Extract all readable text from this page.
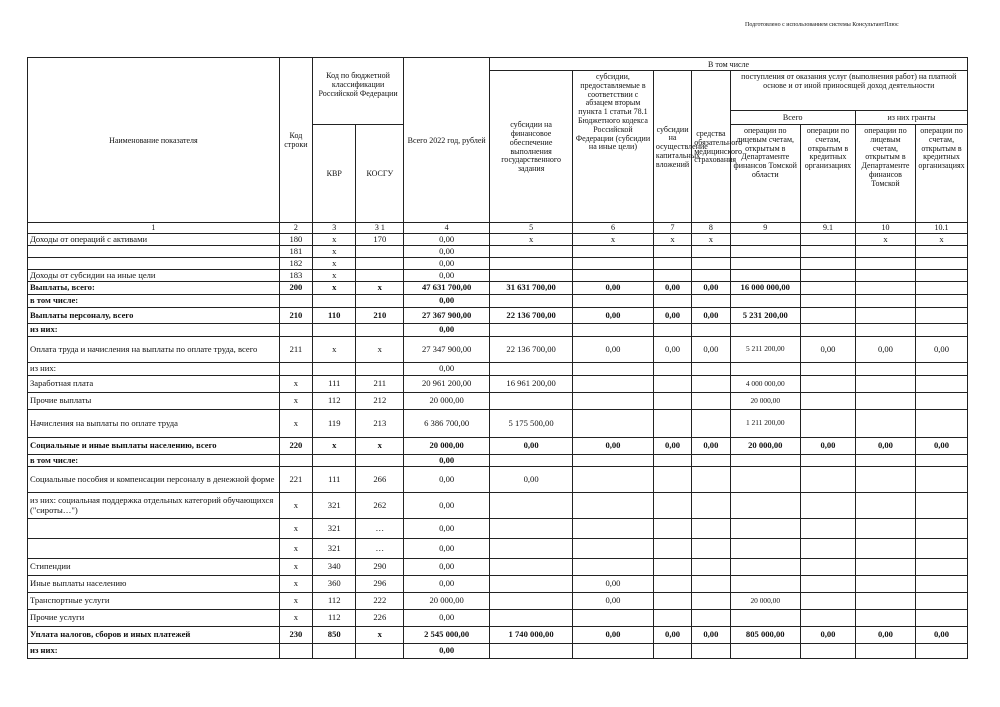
Подготовлено с использованием системы КонсультантПлюс
Наименование показателя	Код строки	Код по бюджетной классификации Российской Федерации		Всего 2022 год, рублей	В том числе							
					субсидии на финансовое обеспечение выполнения государственного задания	субсидии, предоставляемые в соответствии с абзацем вторым пункта 1 статьи 78.1 Бюджетного кодекса Российской Федерации (субсидии на иные цели)	субсидии на осуществление капитальных вложений	средства обязательного медицинского страхования	поступления от оказания услуг (выполнения работ) на платной основе и от иной приносящей доход деятельности			
									Всего		из них гранты	
		КВР	КОСГУ						операции по лицевым счетам, открытым в Департаменте финансов Томской области	операции по счетам, открытым в кредитных организациях	операции по лицевым счетам, открытым в Департаменте финансов Томской	операции по счетам, открытым в кредитных организациях
1	2	3	3 1	4	5	6	7	8	9	9.1	10	10.1
Доходы от операций с активами	180	х	170	0,00	х	х	х	х			х	х
	181	х		0,00								
	182	х		0,00								
Доходы от субсидии на иные цели	183	х		0,00								
Выплаты, всего:	200	х	х	47 631 700,00	31 631 700,00	0,00	0,00	0,00	16 000 000,00			
в том числе:				0,00								
Выплаты персоналу, всего	210	110	210	27 367 900,00	22 136 700,00	0,00	0,00	0,00	5 231 200,00			
из них:				0,00								
Оплата труда и начисления на выплаты по оплате труда, всего	211	х	х	27 347 900,00	22 136 700,00	0,00	0,00	0,00	5 211 200,00	0,00	0,00	0,00
из них:				0,00								
Заработная плата	х	111	211	20 961 200,00	16 961 200,00				4 000 000,00			
Прочие выплаты	х	112	212	20 000,00					20 000,00			
Начисления на выплаты по оплате труда	х	119	213	6 386 700,00	5 175 500,00				1 211 200,00			
Социальные и иные выплаты населению, всего	220	х	х	20 000,00	0,00	0,00	0,00	0,00	20 000,00	0,00	0,00	0,00
в том числе:				0,00								
Социальные пособия и компенсации персоналу в денежной форме	221	111	266	0,00	0,00							
из них: социальная поддержка отдельных категорий обучающихся ("сироты…")	х	321	262	0,00								
	х	321	…	0,00								
	х	321	…	0,00								
Стипендии	х	340	290	0,00								
Иные выплаты населению	х	360	296	0,00		0,00						
Транспортные услуги	х	112	222	20 000,00		0,00			20 000,00			
Прочие услуги	х	112	226	0,00								
Уплата налогов, сборов и иных платежей	230	850	х	2 545 000,00	1 740 000,00	0,00	0,00	0,00	805 000,00	0,00	0,00	0,00
из них:				0,00								
